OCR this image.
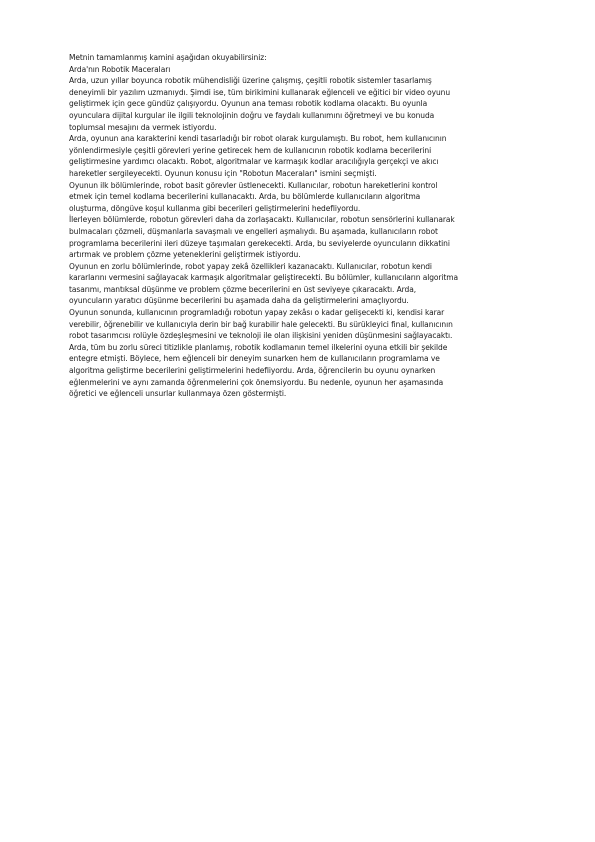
Metnin tamamlanmış kamini aşağıdan okuyabilirsiniz:

Arda'nın Robotik Maceraları

Arda, uzun yıllar boyunca robotik mühendisliği üzerine çalışmış, çeşitli robotik sistemler tasarlamış deneyimli bir yazılım uzmanıydı. Şimdi ise, tüm birikimini kullanarak eğlenceli ve eğitici bir video oyunu geliştirmek için gece gündüz çalışıyordu. Oyunun ana teması robotik kodlama olacaktı. Bu oyunla oyunculara dijital kurgular ile ilgili teknolojinin doğru ve faydalı kullanımını öğretmeyi ve bu konuda toplumsal mesajını da vermek istiyordu.

Arda, oyunun ana karakterini kendi tasarladığı bir robot olarak kurgulamıştı. Bu robot, hem kullanıcının yönlendirmesiyle çeşitli görevleri yerine getirecek hem de kullanıcının robotik kodlama becerilerini geliştirmesine yardımcı olacaktı. Robot, algoritmalar ve karmaşık kodlar aracılığıyla gerçekçi ve akıcı hareketler sergileyecekti. Oyunun konusu için "Robotun Maceraları" ismini seçmişti.

Oyunun ilk bölümlerinde, robot basit görevler üstlenecekti. Kullanıcılar, robotun hareketlerini kontrol etmek için temel kodlama becerilerini kullanacaktı. Arda, bu bölümlerde kullanıcıların algoritma oluşturma, döngüve koşul kullanma gibi becerileri geliştirmelerini hedefliyordu.

İlerleyen bölümlerde, robotun görevleri daha da zorlaşacaktı. Kullanıcılar, robotun sensörlerini kullanarak bulmacaları çözmeli, düşmanlarla savaşmalı ve engelleri aşmalıydı. Bu aşamada, kullanıcıların robot programlama becerilerini ileri düzeye taşımaları gerekecekti. Arda, bu seviyelerde oyuncuların dikkatini artırmak ve problem çözme yeteneklerini geliştirmek istiyordu.

Oyunun en zorlu bölümlerinde, robot yapay zekâ özellikleri kazanacaktı. Kullanıcılar, robotun kendi kararlarını vermesini sağlayacak karmaşık algoritmalar geliştirecekti. Bu bölümler, kullanıcıların algoritma tasarımı, mantıksal düşünme ve problem çözme becerilerini en üst seviyeye çıkaracaktı. Arda, oyuncuların yaratıcı düşünme becerilerini bu aşamada daha da geliştirmelerini amaçlıyordu.

Oyunun sonunda, kullanıcının programladığı robotun yapay zekâsı o kadar gelişecekti ki, kendisi karar verebilir, öğrenebilir ve kullanıcıyla derin bir bağ kurabilir hale gelecekti. Bu sürükleyici final, kullanıcının robot tasarımcısı rolüyle özdeşleşmesini ve teknoloji ile olan ilişkisini yeniden düşünmesini sağlayacaktı.

Arda, tüm bu zorlu süreci titizlikle planlamış, robotik kodlamanın temel ilkelerini oyuna etkili bir şekilde entegre etmişti. Böylece, hem eğlenceli bir deneyim sunarken hem de kullanıcıların programlama ve algoritma geliştirme becerilerini geliştirmelerini hedefliyordu. Arda, öğrencilerin bu oyunu oynarken eğlenmelerini ve aynı zamanda öğrenmelerini çok önemsiyordu. Bu nedenle, oyunun her aşamasında öğretici ve eğlenceli unsurlar kullanmaya özen göstermişti.
